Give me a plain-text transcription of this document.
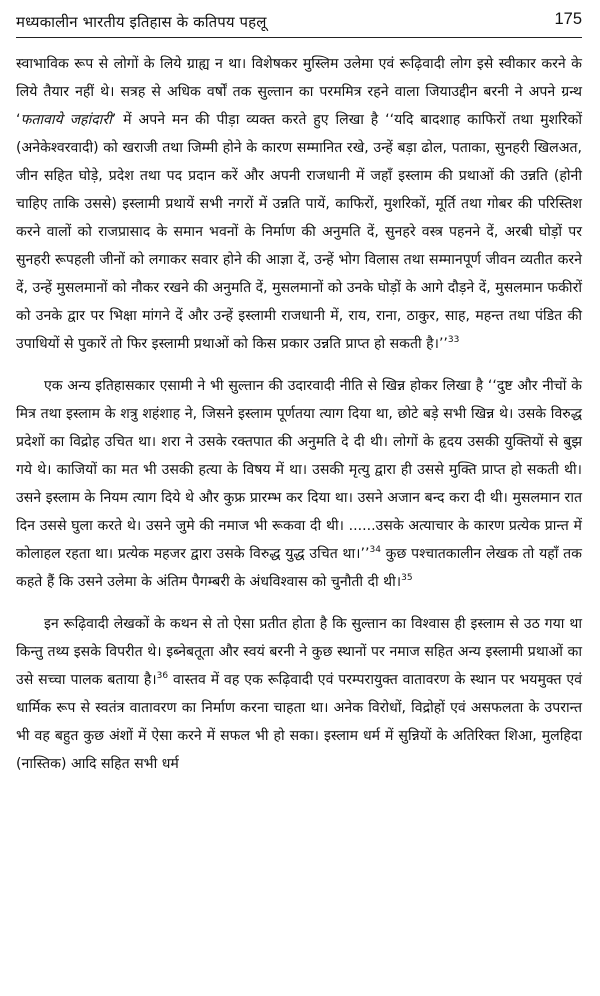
मध्यकालीन भारतीय इतिहास के कतिपय पहलू	175

स्वाभाविक रूप से लोगों के लिये ग्राह्य न था। विशेषकर मुस्लिम उलेमा एवं रूढ़िवादी लोग इसे स्वीकार करने के लिये तैयार नहीं थे। सत्रह से अधिक वर्षों तक सुल्तान का परममित्र रहने वाला जियाउद्दीन बरनी ने अपने ग्रन्थ ‘फतावाये जहांदारी’ में अपने मन की पीड़ा व्यक्त करते हुए लिखा है ‘‘यदि बादशाह काफिरों तथा मुशरिकों (अनेकेश्वरवादी) को खराजी तथा जिम्मी होने के कारण सम्मानित रखे, उन्हें बड़ा ढोल, पताका, सुनहरी खिलअत, जीन सहित घोड़े, प्रदेश तथा पद प्रदान करें और अपनी राजधानी में जहाँ इस्लाम की प्रथाओं की उन्नति (होनी चाहिए ताकि उससे) इस्लामी प्रथायें सभी नगरों में उन्नति पायें, काफिरों, मुशरिकों, मूर्ति तथा गोबर की परिस्तिश करने वालों को राजप्रासाद के समान भवनों के निर्माण की अनुमति दें, सुनहरे वस्त्र पहनने दें, अरबी घोड़ों पर सुनहरी रूपहली जीनों को लगाकर सवार होने की आज्ञा दें, उन्हें भोग विलास तथा सम्मानपूर्ण जीवन व्यतीत करने दें, उन्हें मुसलमानों को नौकर रखने की अनुमति दें, मुसलमानों को उनके घोड़ों के आगे दौड़ने दें, मुसलमान फकीरों को उनके द्वार पर भिक्षा मांगने दें और उन्हें इस्लामी राजधानी में, राय, राना, ठाकुर, साह, महन्त तथा पंडित की उपाधियों से पुकारें तो फिर इस्लामी प्रथाओं को किस प्रकार उन्नति प्राप्त हो सकती है।’’$^{33}$

एक अन्य इतिहासकार एसामी ने भी सुल्तान की उदारवादी नीति से खिन्न होकर लिखा है ‘‘दुष्ट और नीचों के मित्र तथा इस्लाम के शत्रु शहंशाह ने, जिसने इस्लाम पूर्णतया त्याग दिया था, छोटे बड़े सभी खिन्न थे। उसके विरुद्ध प्रदेशों का विद्रोह उचित था। शरा ने उसके रक्तपात की अनुमति दे दी थी। लोगों के हृदय उसकी युक्तियों से बुझ गये थे। काजियों का मत भी उसकी हत्या के विषय में था। उसकी मृत्यु द्वारा ही उससे मुक्ति प्राप्त हो सकती थी। उसने इस्लाम के नियम त्याग दिये थे और कुफ्र प्रारम्भ कर दिया था। उसने अजान बन्द करा दी थी। मुसलमान रात दिन उससे घुला करते थे। उसने जुमे की नमाज भी रूकवा दी थी। ......उसके अत्याचार के कारण प्रत्येक प्रान्त में कोलाहल रहता था। प्रत्येक महजर द्वारा उसके विरुद्ध युद्ध उचित था।’’$^{34}$ कुछ पश्चातकालीन लेखक तो यहाँ तक कहते हैं कि उसने उलेमा के अंतिम पैगम्बरी के अंधविश्वास को चुनौती दी थी।$^{35}$

इन रूढ़िवादी लेखकों के कथन से तो ऐसा प्रतीत होता है कि सुल्तान का विश्वास ही इस्लाम से उठ गया था किन्तु तथ्य इसके विपरीत थे। इब्नेबतूता और स्वयं बरनी ने कुछ स्थानों पर नमाज सहित अन्य इस्लामी प्रथाओं का उसे सच्चा पालक बताया है।$^{36}$ वास्तव में वह एक रूढ़िवादी एवं परम्परायुक्त वातावरण के स्थान पर भयमुक्त एवं धार्मिक रूप से स्वतंत्र वातावरण का निर्माण करना चाहता था। अनेक विरोधों, विद्रोहों एवं असफलता के उपरान्त भी वह बहुत कुछ अंशों में ऐसा करने में सफल भी हो सका। इस्लाम धर्म में सुन्नियों के अतिरिक्त शिआ, मुलहिदा (नास्तिक) आदि सहित सभी धर्म
